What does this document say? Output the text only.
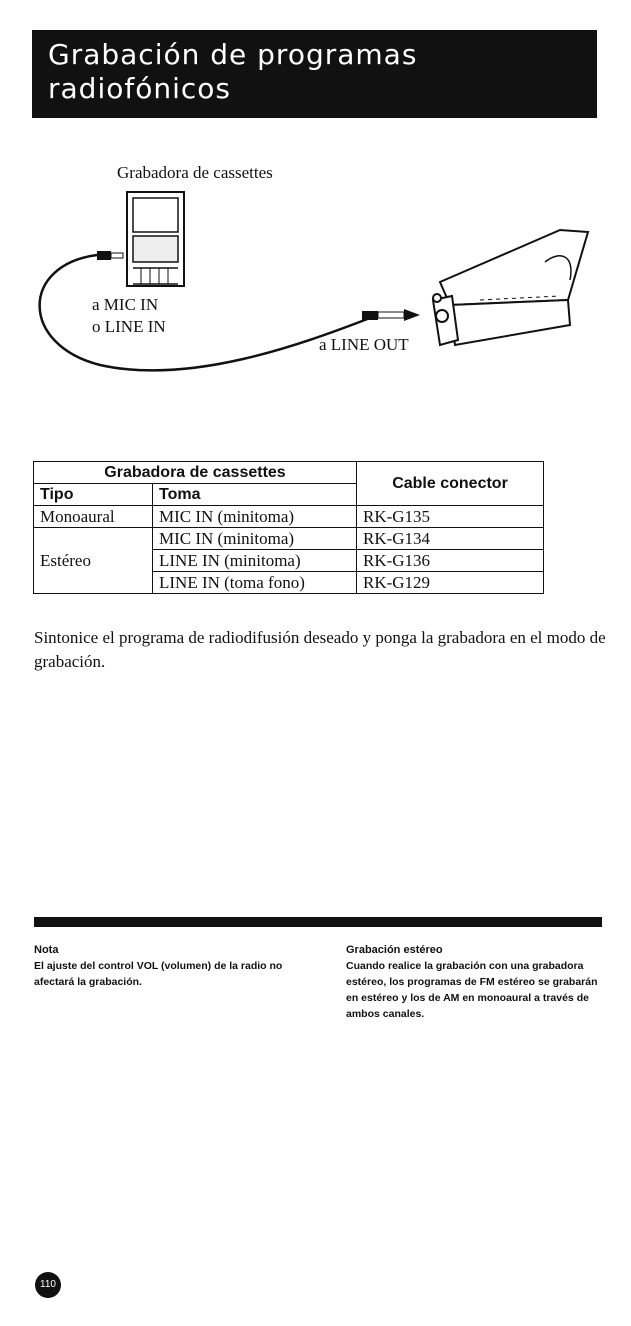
Grabación de programas radiofónicos
Grabadora de cassettes
a MIC IN
o LINE IN
a LINE OUT
Grabadora de cassettes		Cable conector
Tipo	Toma	
Monoaural	MIC IN (minitoma)	RK-G135
Estéreo	MIC IN (minitoma)	RK-G134
	LINE IN (minitoma)	RK-G136
	LINE IN (toma fono)	RK-G129
Sintonice el programa de radiodifusión deseado y ponga la grabadora en el modo de grabación.
Nota
El ajuste del control VOL (volumen) de la radio no afectará la grabación.
Grabación estéreo
Cuando realice la grabación con una grabadora estéreo, los programas de FM estéreo se grabarán en estéreo y los de AM en monoaural a través de ambos canales.
110
